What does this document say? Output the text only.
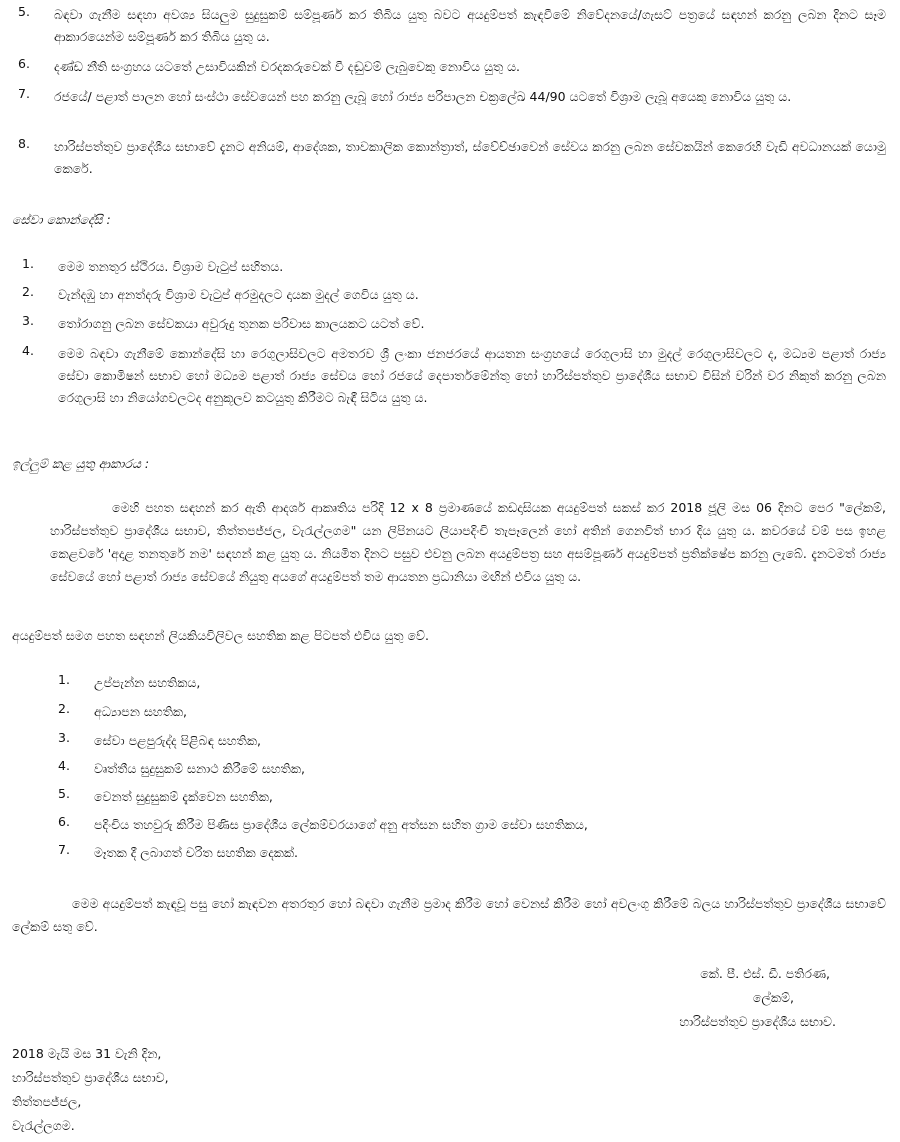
5.	බඳවා ගැනීම සඳහා අවශ්‍ය සියලුම සුදුසුකම් සම්පූර්ණ කර තිබිය යුතු බවට අයදුම්පත් කැඳවීමේ නිවේදනයේ/ගැසට් පත්‍රයේ සඳහන් කරනු ලබන දිනට සෑම ආකාරයෙන්ම සම්පූර්ණ කර තිබිය යුතු ය.
6.	දණ්ඩ නීති සංග්‍රහය යටතේ උසාවියකින් වරදකරුවෙක් වී දඬුවම් ලැබුවෙකු නොවිය යුතු ය.
7.	රජයේ/ පළාත් පාලන හෝ සංස්ථා සේවයෙන් පහ කරනු ලැබූ හෝ රාජ්‍ය පරිපාලන චක්‍රලේඛ 44/90 යටතේ විශ්‍රාම ලැබූ අයෙකු නොවිය යුතු ය.
8.	හාරිස්පත්තුව ප්‍රාදේශීය සභාවේ දැනට අනියම්, ආදේශක, තාවකාලික කොන්ත්‍රාත්, ස්වේච්ඡාවෙන් සේවය කරනු ලබන සේවකයින් කෙරෙහි වැඩි අවධානයක් යොමු කෙරේ.
සේවා කොන්දේසි :
1.	මෙම තනතුර ස්ථිරය. විශ්‍රාම වැටුප් සහිතය.
2.	වැන්දඹු හා අනත්දරු විශ්‍රාම වැටුප් අරමුදලට දායක මුදල් ගෙවිය යුතු ය.
3.	තෝරාගනු ලබන සේවකයා අවුරුදු තුනක පරිවාස කාලයකට යටත් වේ.
4.	මෙම බඳවා ගැනීමේ කොන්දේසි හා රෙගුලාසිවලට අමතරව ශ්‍රී ලංකා ජනජරයේ ආයතන සංග්‍රහයේ රෙගුලාසි හා මුදල් රෙගුලාසිවලට ද, මධ්‍යම පළාත් රාජ්‍ය සේවා කොමිෂන් සභාව හෝ මධ්‍යම පළාත් රාජ්‍ය සේවය හෝ රජයේ දෙපාර්තමේන්තු හෝ හාරිස්පත්තුව ප්‍රාදේශීය සභාව විසින් වරින් වර නිකුත් කරනු ලබන රෙගුලාසි හා නියෝගවලටද අනුකූලව කටයුතු කිරීමට බැඳී සිටිය යුතු ය.
ඉල්ලුම් කළ යුතු ආකාරය :
මෙහි පහත සඳහන් කර ඇති ආදර්ශ ආකෘතිය පරිදි 12 x 8 ප්‍රමාණයේ කඩදාසියක අයදුම්පත් සකස් කර 2018 ජූලි මස 06 දිනට පෙර "ලේකම්, හාරිස්පත්තුව ප්‍රාදේශීය සභාව, තිත්තපජ්ජල, වැරැල්ලගම" යන ලිපිනයට ලියාපදිංචි තැපෑලෙන් හෝ අතින් ගෙනවිත් භාර දිය යුතු ය. කවරයේ වම් පස ඉහළ කෙළවරේ 'අදාළ තනතුරේ නම' සඳහන් කළ යුතු ය. නියමිත දිනට පසුව එවනු ලබන අයදුම්පත්‍ර සහ අසම්පූර්ණ අයදුම්පත් ප්‍රතික්ෂේප කරනු ලැබේ. දැනටමත් රාජ්‍ය සේවයේ හෝ පළාත් රාජ්‍ය සේවයේ නියුතු අයගේ අයදුම්පත් තම ආයතන ප්‍රධානියා මඟින් එවිය යුතු ය.
අයදුම්පත් සමග පහත සඳහන් ලියකියවිලිවල සහතික කළ පිටපත් එවිය යුතු වේ.
1.	උප්පැන්න සහතිකය,
2.	අධ්‍යාපන සහතික,
3.	සේවා පළපුරුද්ද පිළිබඳ සහතික,
4.	වෘත්තීය සුදුසුකම් සනාථ කිරීමේ සහතික,
5.	වෙනත් සුදුසුකම් දැක්වෙන සහතික,
6.	පදිංචිය තහවුරු කිරීම පිණිස ප්‍රාදේශීය ලේකම්වරයාගේ අනු අත්සන සහිත ග්‍රාම සේවා සහතිකය,
7.	මෑතක දී ලබාගත් චරිත සහතික දෙකක්.
මෙම අයදුම්පත් කැඳවූ පසු හෝ කැඳවන අතරතුර හෝ බඳවා ගැනීම ප්‍රමාද කිරීම හෝ වෙනස් කිරීම හෝ අවලංගු කිරීමේ බලය හාරිස්පත්තුව ප්‍රාදේශීය සභාවේ ලේකම් සතු වේ.
කේ. පී. එස්. ඩී. පතිරණ,
ලේකම්,
හාරිස්පත්තුව ප්‍රාදේශීය සභාව.
2018 මැයි මස 31 වැනි දින,
හාරිස්පත්තුව ප්‍රාදේශීය සභාව,
තිත්තපජ්ජල,
වැරැල්ලගම.
